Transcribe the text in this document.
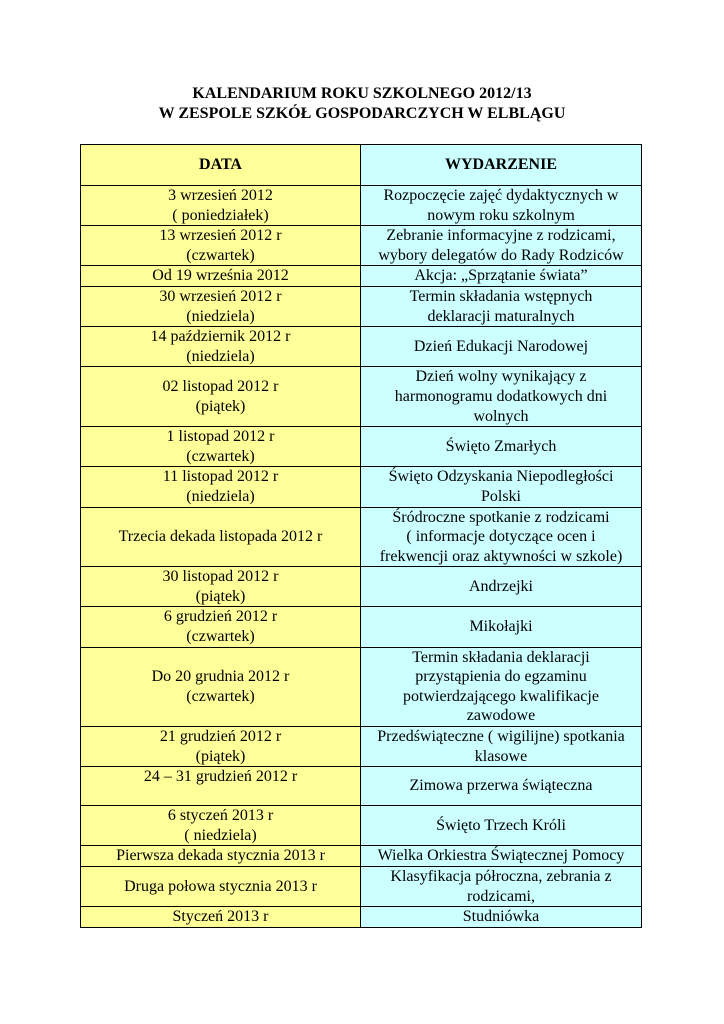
KALENDARIUM ROKU SZKOLNEGO 2012/13
W ZESPOLE SZKÓŁ GOSPODARCZYCH W ELBLĄGU
DATA	WYDARZENIE

3 wrzesień 2012
( poniedziałek)	Rozpoczęcie zajęć dydaktycznych w
nowym roku szkolnym

13 wrzesień 2012 r
(czwartek)	Zebranie informacyjne z rodzicami,
wybory delegatów do Rady Rodziców

Od 19 września 2012	Akcja: „Sprzątanie świata”

30 wrzesień 2012 r
(niedziela)	Termin składania wstępnych
deklaracji maturalnych

14 październik 2012 r
(niedziela)	Dzień Edukacji Narodowej

02 listopad 2012 r
(piątek)	Dzień wolny wynikający z
harmonogramu dodatkowych dni
wolnych

1 listopad 2012 r
(czwartek)	Święto Zmarłych

11 listopad 2012 r
(niedziela)	Święto Odzyskania Niepodległości
Polski

Trzecia dekada listopada 2012 r	Śródroczne spotkanie z rodzicami
( informacje dotyczące ocen i
frekwencji oraz aktywności w szkole)

30 listopad 2012 r
(piątek)	Andrzejki

6 grudzień 2012 r
(czwartek)	Mikołajki

Do 20 grudnia 2012 r
(czwartek)	Termin składania deklaracji
przystąpienia do egzaminu
potwierdzającego kwalifikacje
zawodowe

21 grudzień 2012 r
(piątek)	Przedświąteczne ( wigilijne) spotkania
klasowe

24 – 31 grudzień 2012 r	Zimowa przerwa świąteczna

6 styczeń 2013 r
( niedziela)	Święto Trzech Króli

Pierwsza dekada stycznia 2013 r	Wielka Orkiestra Świątecznej Pomocy

Druga połowa stycznia 2013 r	Klasyfikacja półroczna, zebrania z
rodzicami,

Styczeń 2013 r	Studniówka
